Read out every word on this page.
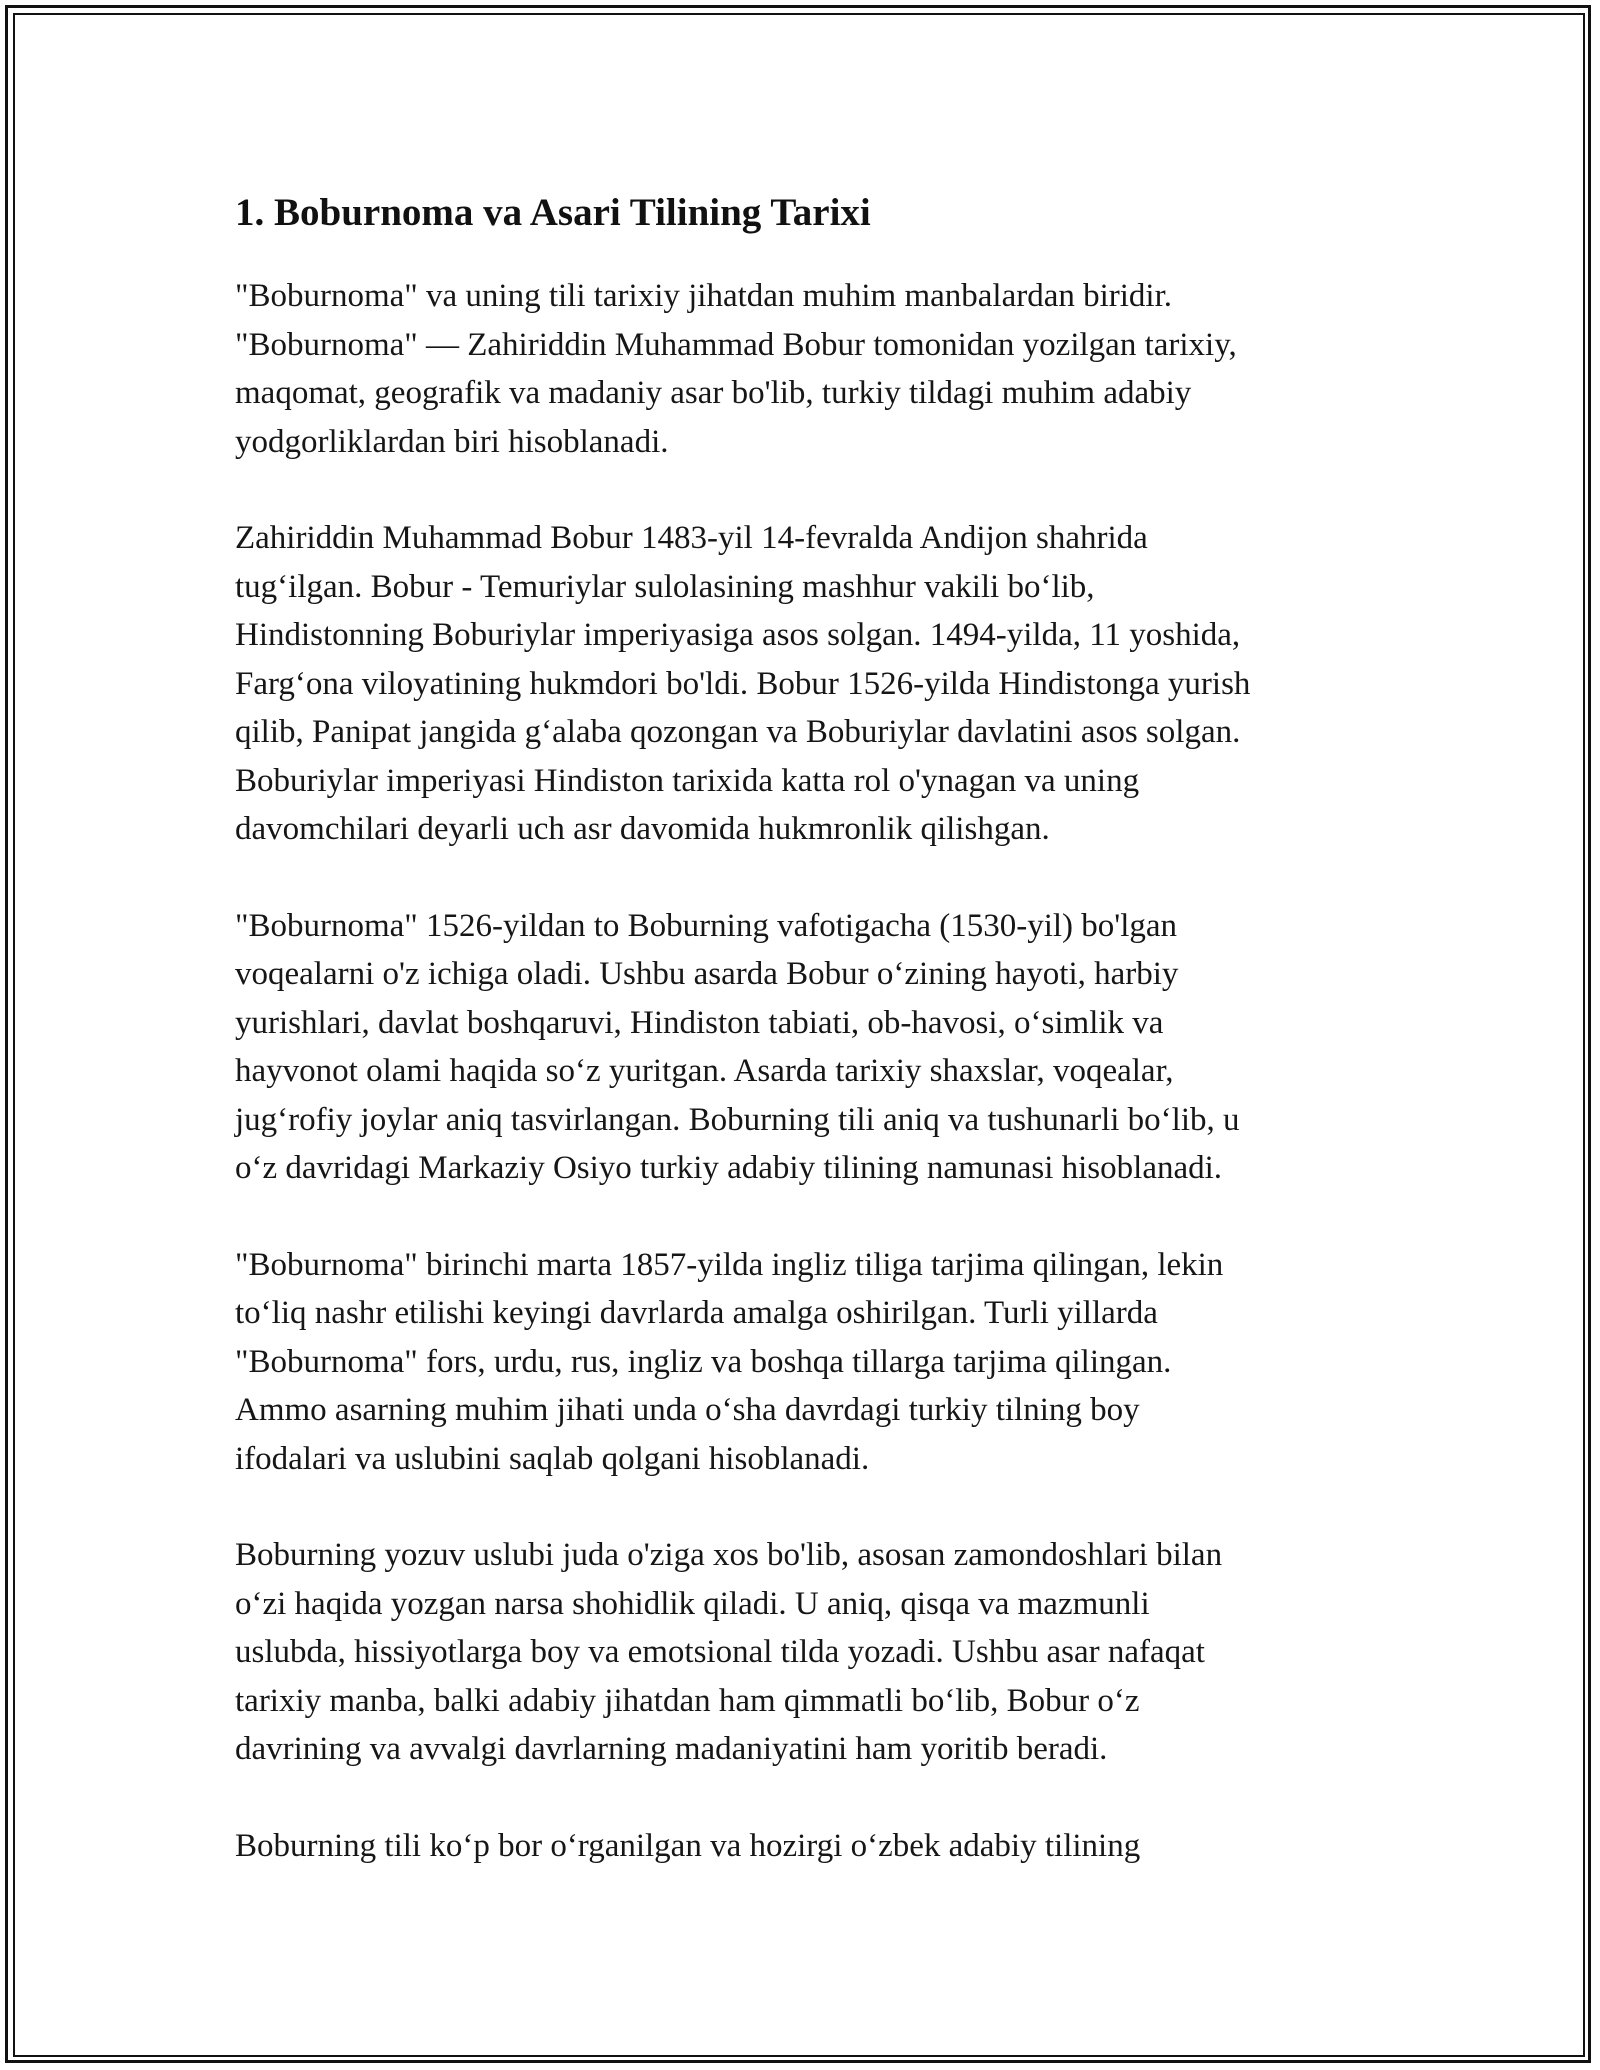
1. Boburnoma va Asari Tilining Tarixi

"Boburnoma" va uning tili tarixiy jihatdan muhim manbalardan biridir.
"Boburnoma" — Zahiriddin Muhammad Bobur tomonidan yozilgan tarixiy,
maqomat, geografik va madaniy asar bo'lib, turkiy tildagi muhim adabiy
yodgorliklardan biri hisoblanadi.

Zahiriddin Muhammad Bobur 1483-yil 14-fevralda Andijon shahrida
tug‘ilgan. Bobur - Temuriylar sulolasining mashhur vakili bo‘lib,
Hindistonning Boburiylar imperiyasiga asos solgan. 1494-yilda, 11 yoshida,
Farg‘ona viloyatining hukmdori bo'ldi. Bobur 1526-yilda Hindistonga yurish
qilib, Panipat jangida g‘alaba qozongan va Boburiylar davlatini asos solgan.
Boburiylar imperiyasi Hindiston tarixida katta rol o'ynagan va uning
davomchilari deyarli uch asr davomida hukmronlik qilishgan.

"Boburnoma" 1526-yildan to Boburning vafotigacha (1530-yil) bo'lgan
voqealarni o'z ichiga oladi. Ushbu asarda Bobur o‘zining hayoti, harbiy
yurishlari, davlat boshqaruvi, Hindiston tabiati, ob-havosi, o‘simlik va
hayvonot olami haqida so‘z yuritgan. Asarda tarixiy shaxslar, voqealar,
jug‘rofiy joylar aniq tasvirlangan. Boburning tili aniq va tushunarli bo‘lib, u
o‘z davridagi Markaziy Osiyo turkiy adabiy tilining namunasi hisoblanadi.

"Boburnoma" birinchi marta 1857-yilda ingliz tiliga tarjima qilingan, lekin
to‘liq nashr etilishi keyingi davrlarda amalga oshirilgan. Turli yillarda
"Boburnoma" fors, urdu, rus, ingliz va boshqa tillarga tarjima qilingan.
Ammo asarning muhim jihati unda o‘sha davrdagi turkiy tilning boy
ifodalari va uslubini saqlab qolgani hisoblanadi.

Boburning yozuv uslubi juda o'ziga xos bo'lib, asosan zamondoshlari bilan
o‘zi haqida yozgan narsa shohidlik qiladi. U aniq, qisqa va mazmunli
uslubda, hissiyotlarga boy va emotsional tilda yozadi. Ushbu asar nafaqat
tarixiy manba, balki adabiy jihatdan ham qimmatli bo‘lib, Bobur o‘z
davrining va avvalgi davrlarning madaniyatini ham yoritib beradi.

Boburning tili ko‘p bor o‘rganilgan va hozirgi o‘zbek adabiy tilining
